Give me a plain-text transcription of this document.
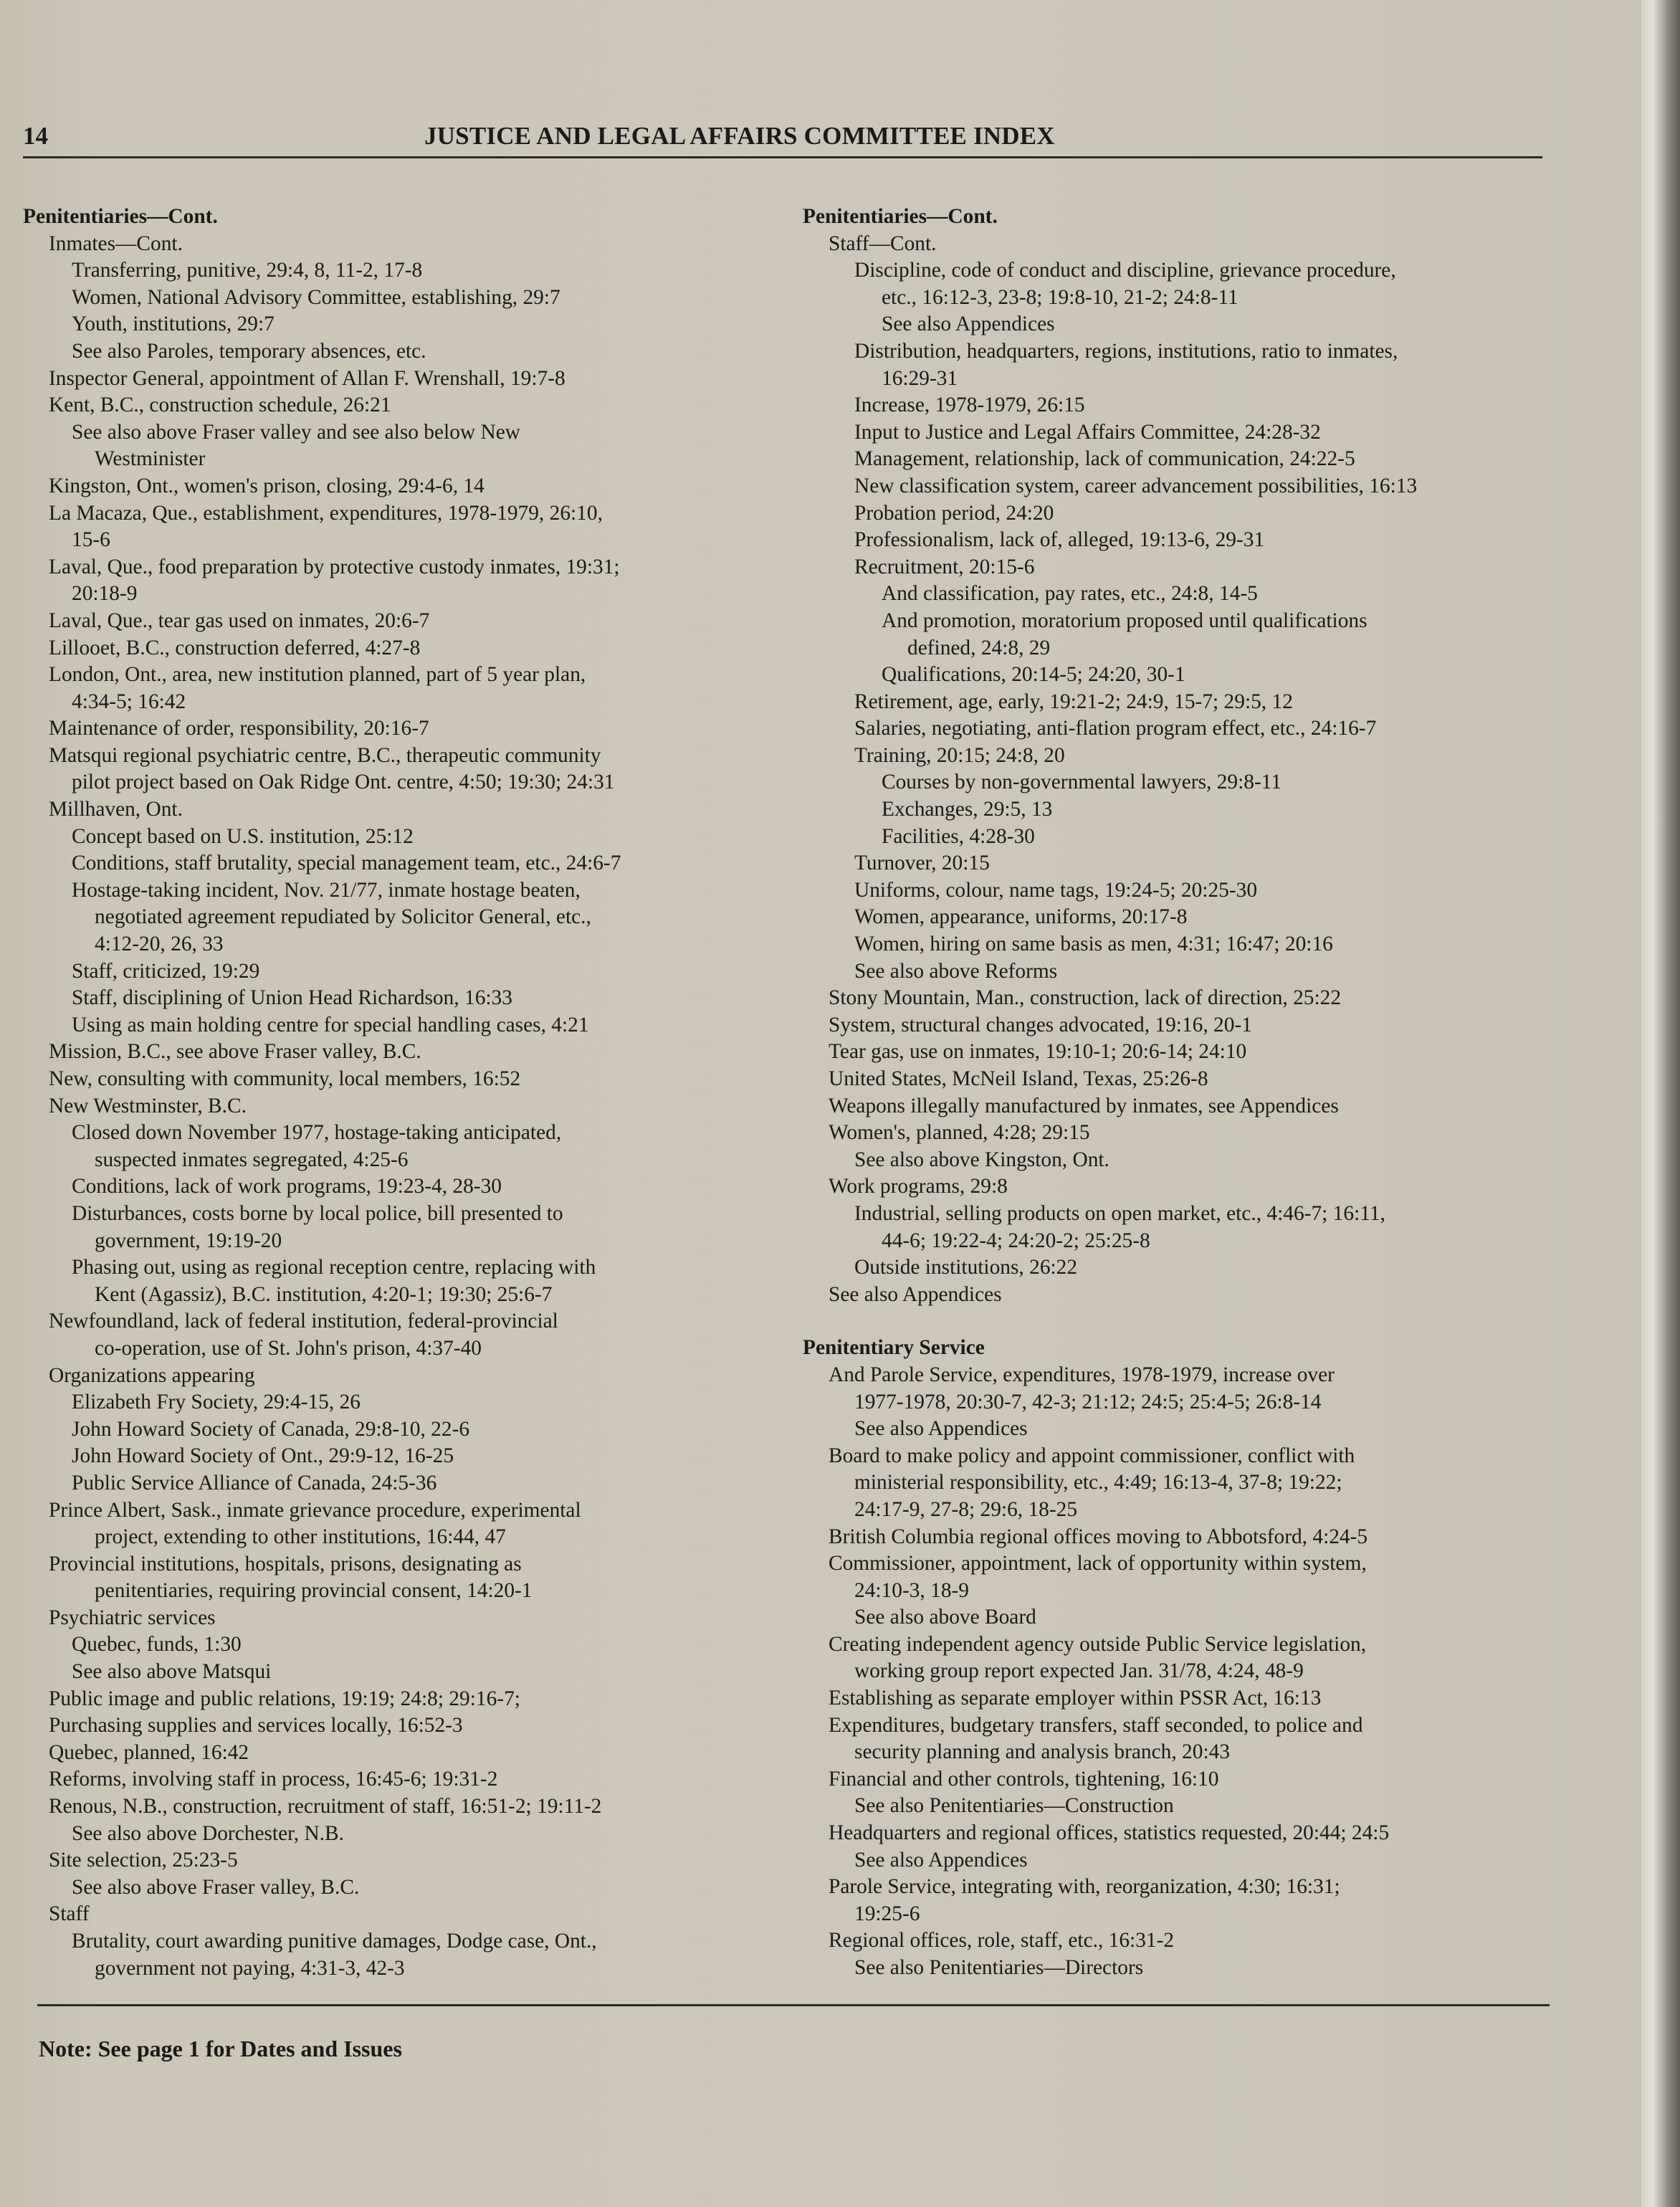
14	JUSTICE AND LEGAL AFFAIRS COMMITTEE INDEX
Penitentiaries—Cont.
Inmates—Cont.
Transferring, punitive, 29:4, 8, 11-2, 17-8
Women, National Advisory Committee, establishing, 29:7
Youth, institutions, 29:7
See also Paroles, temporary absences, etc.
Inspector General, appointment of Allan F. Wrenshall, 19:7-8
Kent, B.C., construction schedule, 26:21
See also above Fraser valley and see also below New
Westminister
Kingston, Ont., women's prison, closing, 29:4-6, 14
La Macaza, Que., establishment, expenditures, 1978-1979, 26:10,
15-6
Laval, Que., food preparation by protective custody inmates, 19:31;
20:18-9
Laval, Que., tear gas used on inmates, 20:6-7
Lillooet, B.C., construction deferred, 4:27-8
London, Ont., area, new institution planned, part of 5 year plan,
4:34-5; 16:42
Maintenance of order, responsibility, 20:16-7
Matsqui regional psychiatric centre, B.C., therapeutic community
pilot project based on Oak Ridge Ont. centre, 4:50; 19:30; 24:31
Millhaven, Ont.
Concept based on U.S. institution, 25:12
Conditions, staff brutality, special management team, etc., 24:6-7
Hostage-taking incident, Nov. 21/77, inmate hostage beaten,
negotiated agreement repudiated by Solicitor General, etc.,
4:12-20, 26, 33
Staff, criticized, 19:29
Staff, disciplining of Union Head Richardson, 16:33
Using as main holding centre for special handling cases, 4:21
Mission, B.C., see above Fraser valley, B.C.
New, consulting with community, local members, 16:52
New Westminster, B.C.
Closed down November 1977, hostage-taking anticipated,
suspected inmates segregated, 4:25-6
Conditions, lack of work programs, 19:23-4, 28-30
Disturbances, costs borne by local police, bill presented to
government, 19:19-20
Phasing out, using as regional reception centre, replacing with
Kent (Agassiz), B.C. institution, 4:20-1; 19:30; 25:6-7
Newfoundland, lack of federal institution, federal-provincial
co-operation, use of St. John's prison, 4:37-40
Organizations appearing
Elizabeth Fry Society, 29:4-15, 26
John Howard Society of Canada, 29:8-10, 22-6
John Howard Society of Ont., 29:9-12, 16-25
Public Service Alliance of Canada, 24:5-36
Prince Albert, Sask., inmate grievance procedure, experimental
project, extending to other institutions, 16:44, 47
Provincial institutions, hospitals, prisons, designating as
penitentiaries, requiring provincial consent, 14:20-1
Psychiatric services
Quebec, funds, 1:30
See also above Matsqui
Public image and public relations, 19:19; 24:8; 29:16-7;
Purchasing supplies and services locally, 16:52-3
Quebec, planned, 16:42
Reforms, involving staff in process, 16:45-6; 19:31-2
Renous, N.B., construction, recruitment of staff, 16:51-2; 19:11-2
See also above Dorchester, N.B.
Site selection, 25:23-5
See also above Fraser valley, B.C.
Staff
Brutality, court awarding punitive damages, Dodge case, Ont.,
government not paying, 4:31-3, 42-3
Penitentiaries—Cont.
Staff—Cont.
Discipline, code of conduct and discipline, grievance procedure,
etc., 16:12-3, 23-8; 19:8-10, 21-2; 24:8-11
See also Appendices
Distribution, headquarters, regions, institutions, ratio to inmates,
16:29-31
Increase, 1978-1979, 26:15
Input to Justice and Legal Affairs Committee, 24:28-32
Management, relationship, lack of communication, 24:22-5
New classification system, career advancement possibilities, 16:13
Probation period, 24:20
Professionalism, lack of, alleged, 19:13-6, 29-31
Recruitment, 20:15-6
And classification, pay rates, etc., 24:8, 14-5
And promotion, moratorium proposed until qualifications
defined, 24:8, 29
Qualifications, 20:14-5; 24:20, 30-1
Retirement, age, early, 19:21-2; 24:9, 15-7; 29:5, 12
Salaries, negotiating, anti-flation program effect, etc., 24:16-7
Training, 20:15; 24:8, 20
Courses by non-governmental lawyers, 29:8-11
Exchanges, 29:5, 13
Facilities, 4:28-30
Turnover, 20:15
Uniforms, colour, name tags, 19:24-5; 20:25-30
Women, appearance, uniforms, 20:17-8
Women, hiring on same basis as men, 4:31; 16:47; 20:16
See also above Reforms
Stony Mountain, Man., construction, lack of direction, 25:22
System, structural changes advocated, 19:16, 20-1
Tear gas, use on inmates, 19:10-1; 20:6-14; 24:10
United States, McNeil Island, Texas, 25:26-8
Weapons illegally manufactured by inmates, see Appendices
Women's, planned, 4:28; 29:15
See also above Kingston, Ont.
Work programs, 29:8
Industrial, selling products on open market, etc., 4:46-7; 16:11,
44-6; 19:22-4; 24:20-2; 25:25-8
Outside institutions, 26:22
See also Appendices
Penitentiary Service
And Parole Service, expenditures, 1978-1979, increase over
1977-1978, 20:30-7, 42-3; 21:12; 24:5; 25:4-5; 26:8-14
See also Appendices
Board to make policy and appoint commissioner, conflict with
ministerial responsibility, etc., 4:49; 16:13-4, 37-8; 19:22;
24:17-9, 27-8; 29:6, 18-25
British Columbia regional offices moving to Abbotsford, 4:24-5
Commissioner, appointment, lack of opportunity within system,
24:10-3, 18-9
See also above Board
Creating independent agency outside Public Service legislation,
working group report expected Jan. 31/78, 4:24, 48-9
Establishing as separate employer within PSSR Act, 16:13
Expenditures, budgetary transfers, staff seconded, to police and
security planning and analysis branch, 20:43
Financial and other controls, tightening, 16:10
See also Penitentiaries—Construction
Headquarters and regional offices, statistics requested, 20:44; 24:5
See also Appendices
Parole Service, integrating with, reorganization, 4:30; 16:31;
19:25-6
Regional offices, role, staff, etc., 16:31-2
See also Penitentiaries—Directors
Note: See page 1 for Dates and Issues
